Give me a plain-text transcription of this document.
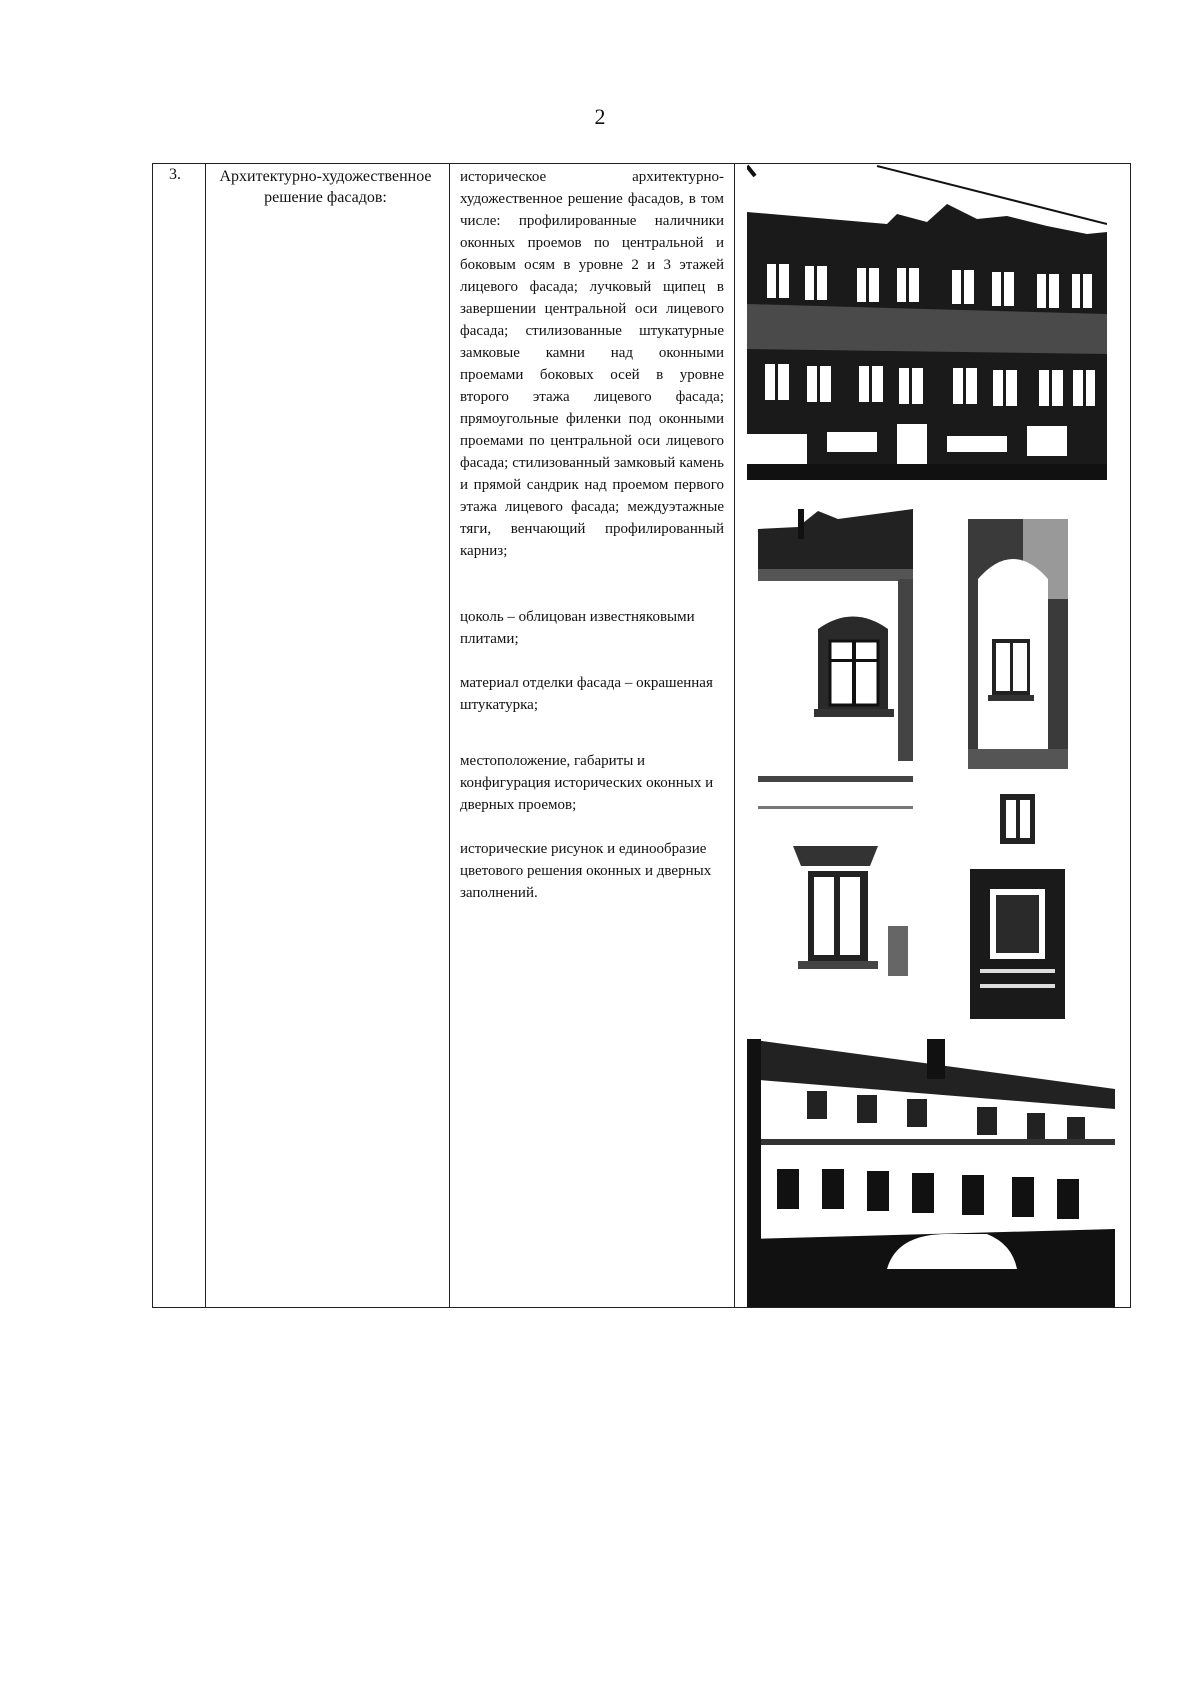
2
3.	Архитектурно-художественное решение фасадов:

историческое архитектурно-художественное решение фасадов, в том числе: профилированные наличники оконных проемов по центральной и боковым осям в уровне 2 и 3 этажей лицевого фасада; лучковый щипец в завершении центральной оси лицевого фасада; стилизованные штукатурные замковые камни над оконными проемами боковых осей в уровне второго этажа лицевого фасада; прямоугольные филенки под оконными проемами по центральной оси лицевого фасада; стилизованный замковый камень и прямой сандрик над проемом первого этажа лицевого фасада; междуэтажные тяги, венчающий профилированный карниз;

цоколь – облицован известняковыми плитами;

материал отделки фасада – окрашенная штукатурка;

местоположение, габариты и конфигурация исторических оконных и дверных проемов;

исторические рисунок и единообразие цветового решения оконных и дверных заполнений.
